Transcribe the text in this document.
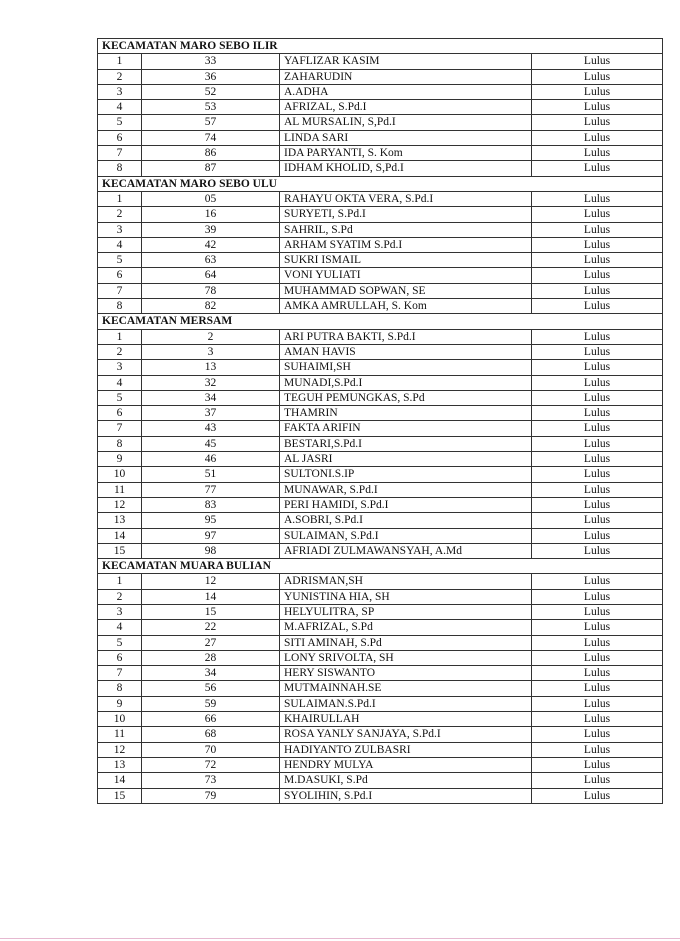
KECAMATAN MARO SEBO ILIR			
1	33	YAFLIZAR KASIM	Lulus
2	36	ZAHARUDIN	Lulus
3	52	A.ADHA	Lulus
4	53	AFRIZAL, S.Pd.I	Lulus
5	57	AL MURSALIN, S,Pd.I	Lulus
6	74	LINDA SARI	Lulus
7	86	IDA PARYANTI, S. Kom	Lulus
8	87	IDHAM KHOLID, S,Pd.I	Lulus
KECAMATAN MARO SEBO ULU			
1	05	RAHAYU OKTA VERA, S.Pd.I	Lulus
2	16	SURYETI, S.Pd.I	Lulus
3	39	SAHRIL, S.Pd	Lulus
4	42	ARHAM SYATIM S.Pd.I	Lulus
5	63	SUKRI ISMAIL	Lulus
6	64	VONI YULIATI	Lulus
7	78	MUHAMMAD SOPWAN, SE	Lulus
8	82	AMKA AMRULLAH, S. Kom	Lulus
KECAMATAN MERSAM			
1	2	ARI PUTRA BAKTI, S.Pd.I	Lulus
2	3	AMAN HAVIS	Lulus
3	13	SUHAIMI,SH	Lulus
4	32	MUNADI,S.Pd.I	Lulus
5	34	TEGUH PEMUNGKAS, S.Pd	Lulus
6	37	THAMRIN	Lulus
7	43	FAKTA ARIFIN	Lulus
8	45	BESTARI,S.Pd.I	Lulus
9	46	AL JASRI	Lulus
10	51	SULTONI.S.IP	Lulus
11	77	MUNAWAR, S.Pd.I	Lulus
12	83	PERI HAMIDI, S.Pd.I	Lulus
13	95	A.SOBRI, S.Pd.I	Lulus
14	97	SULAIMAN, S.Pd.I	Lulus
15	98	AFRIADI ZULMAWANSYAH, A.Md	Lulus
KECAMATAN MUARA BULIAN			
1	12	ADRISMAN,SH	Lulus
2	14	YUNISTINA HIA, SH	Lulus
3	15	HELYULITRA, SP	Lulus
4	22	M.AFRIZAL, S.Pd	Lulus
5	27	SITI AMINAH, S.Pd	Lulus
6	28	LONY SRIVOLTA, SH	Lulus
7	34	HERY SISWANTO	Lulus
8	56	MUTMAINNAH.SE	Lulus
9	59	SULAIMAN.S.Pd.I	Lulus
10	66	KHAIRULLAH	Lulus
11	68	ROSA YANLY SANJAYA, S.Pd.I	Lulus
12	70	HADIYANTO ZULBASRI	Lulus
13	72	HENDRY MULYA	Lulus
14	73	M.DASUKI, S.Pd	Lulus
15	79	SYOLIHIN, S.Pd.I	Lulus
